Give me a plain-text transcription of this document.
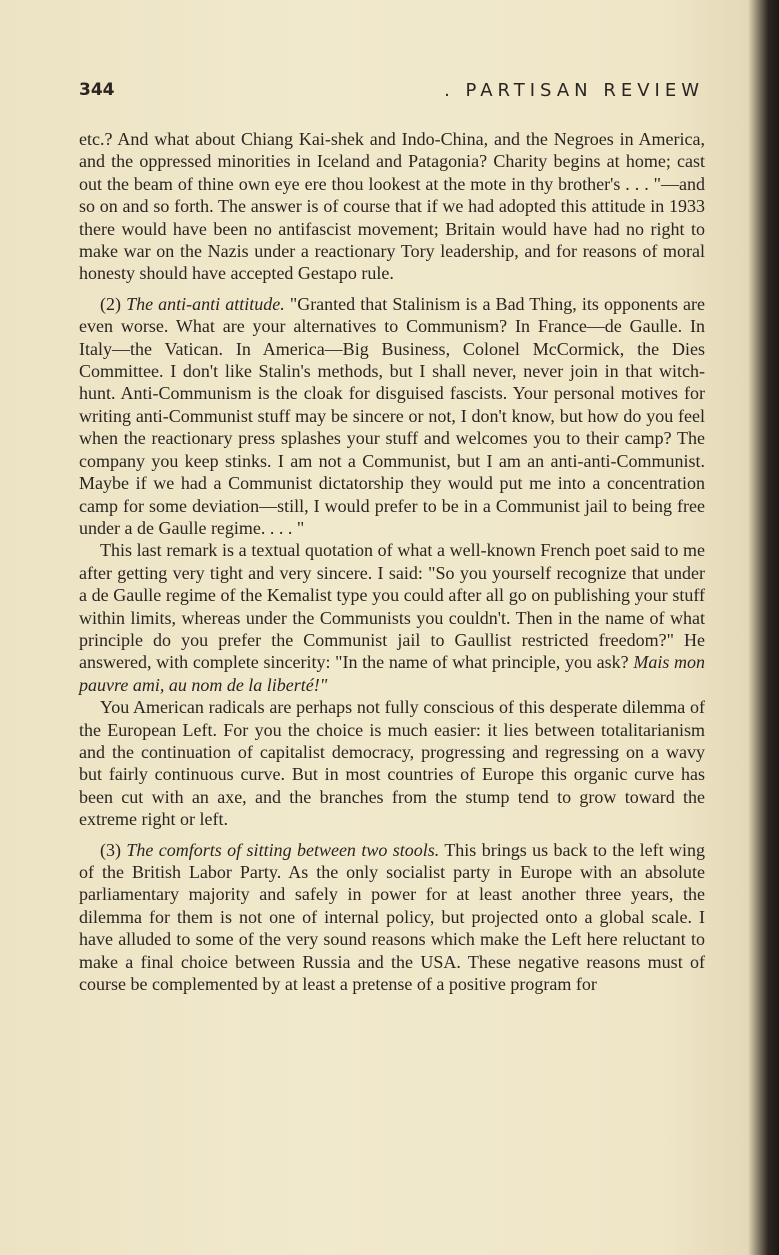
344	. PARTISAN REVIEW

etc.? And what about Chiang Kai-shek and Indo-China, and the Negroes in America, and the oppressed minorities in Iceland and Patagonia? Charity begins at home; cast out the beam of thine own eye ere thou lookest at the mote in thy brother's . . . "—and so on and so forth. The answer is of course that if we had adopted this attitude in 1933 there would have been no antifascist movement; Britain would have had no right to make war on the Nazis under a reactionary Tory leadership, and for reasons of moral honesty should have accepted Gestapo rule.

(2) The anti-anti attitude. "Granted that Stalinism is a Bad Thing, its opponents are even worse. What are your alternatives to Communism? In France—de Gaulle. In Italy—the Vatican. In America—Big Business, Colonel McCormick, the Dies Committee. I don't like Stalin's methods, but I shall never, never join in that witch-hunt. Anti-Communism is the cloak for disguised fascists. Your personal motives for writing anti-Communist stuff may be sincere or not, I don't know, but how do you feel when the reactionary press splashes your stuff and welcomes you to their camp? The company you keep stinks. I am not a Communist, but I am an anti-anti-Communist. Maybe if we had a Communist dictatorship they would put me into a concentration camp for some deviation—still, I would prefer to be in a Communist jail to being free under a de Gaulle regime. . . . "

This last remark is a textual quotation of what a well-known French poet said to me after getting very tight and very sincere. I said: "So you yourself recognize that under a de Gaulle regime of the Kemalist type you could after all go on publishing your stuff within limits, whereas under the Communists you couldn't. Then in the name of what principle do you prefer the Communist jail to Gaullist restricted freedom?" He answered, with complete sincerity: "In the name of what principle, you ask? Mais mon pauvre ami, au nom de la liberté!"

You American radicals are perhaps not fully conscious of this desperate dilemma of the European Left. For you the choice is much easier: it lies between totalitarianism and the continuation of capitalist democracy, progressing and regressing on a wavy but fairly continuous curve. But in most countries of Europe this organic curve has been cut with an axe, and the branches from the stump tend to grow toward the extreme right or left.

(3) The comforts of sitting between two stools. This brings us back to the left wing of the British Labor Party. As the only socialist party in Europe with an absolute parliamentary majority and safely in power for at least another three years, the dilemma for them is not one of internal policy, but projected onto a global scale. I have alluded to some of the very sound reasons which make the Left here reluctant to make a final choice between Russia and the USA. These negative reasons must of course be complemented by at least a pretense of a positive program for
